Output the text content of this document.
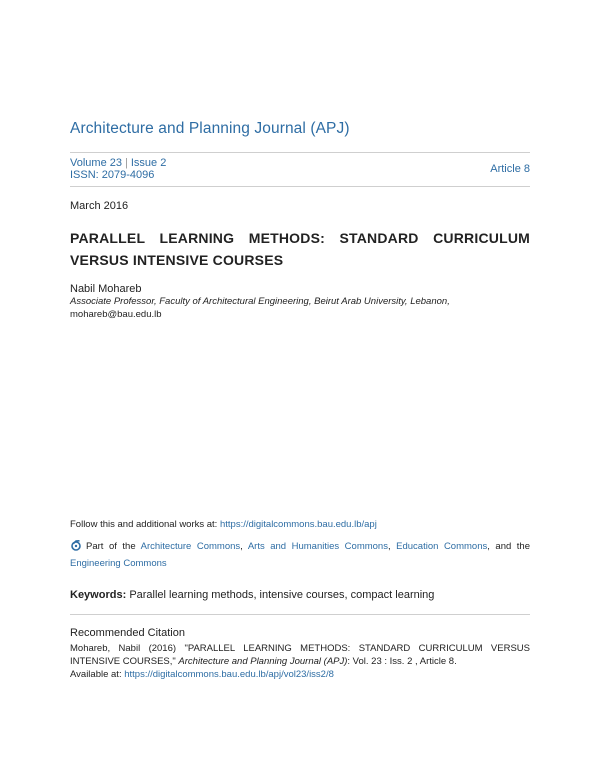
Architecture and Planning Journal (APJ)
Volume 23 | Issue 2
ISSN: 2079-4096	Article 8
March 2016
PARALLEL LEARNING METHODS: STANDARD CURRICULUM VERSUS INTENSIVE COURSES
Nabil Mohareb
Associate Professor, Faculty of Architectural Engineering, Beirut Arab University, Lebanon,
mohareb@bau.edu.lb
Follow this and additional works at: https://digitalcommons.bau.edu.lb/apj
Part of the Architecture Commons, Arts and Humanities Commons, Education Commons, and the Engineering Commons
Keywords: Parallel learning methods, intensive courses, compact learning
Recommended Citation
Mohareb, Nabil (2016) "PARALLEL LEARNING METHODS: STANDARD CURRICULUM VERSUS INTENSIVE COURSES," Architecture and Planning Journal (APJ): Vol. 23 : Iss. 2 , Article 8.
Available at: https://digitalcommons.bau.edu.lb/apj/vol23/iss2/8
